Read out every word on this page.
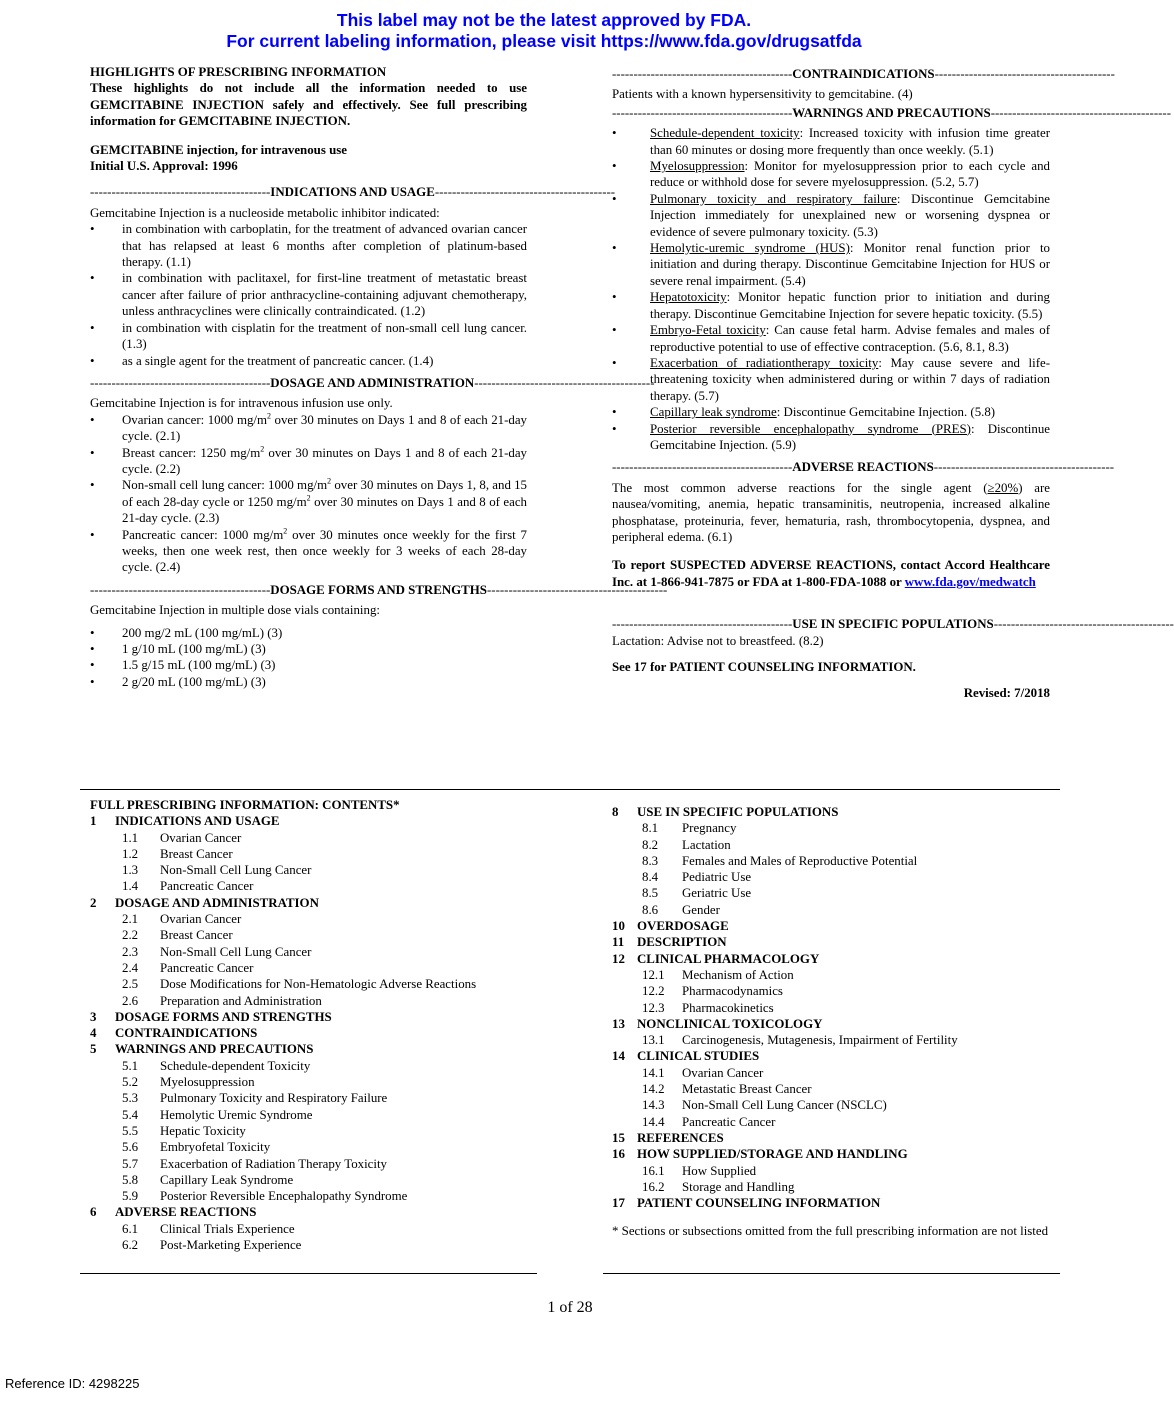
This label may not be the latest approved by FDA.
For current labeling information, please visit https://www.fda.gov/drugsatfda

HIGHLIGHTS OF PRESCRIBING INFORMATION

These highlights do not include all the information needed to use GEMCITABINE INJECTION safely and effectively. See full prescribing information for GEMCITABINE INJECTION.

GEMCITABINE injection, for intravenous use

Initial U.S. Approval: 1996

------------------------------------------INDICATIONS AND USAGE------------------------------------------

Gemcitabine Injection is a nucleoside metabolic inhibitor indicated:

• in combination with carboplatin, for the treatment of advanced ovarian cancer that has relapsed at least 6 months after completion of platinum-based therapy. (1.1)
• in combination with paclitaxel, for first-line treatment of metastatic breast cancer after failure of prior anthracycline-containing adjuvant chemotherapy, unless anthracyclines were clinically contraindicated. (1.2)
• in combination with cisplatin for the treatment of non-small cell lung cancer. (1.3)
• as a single agent for the treatment of pancreatic cancer. (1.4)
------------------------------------------DOSAGE AND ADMINISTRATION------------------------------------------

Gemcitabine Injection is for intravenous infusion use only.

• Ovarian cancer: 1000 $mg/m^2$ over 30 minutes on Days 1 and 8 of each 21-day cycle. (2.1)
• Breast cancer: 1250 $mg/m^2$ over 30 minutes on Days 1 and 8 of each 21-day cycle. (2.2)
• Non-small cell lung cancer: 1000 $mg/m^2$ over 30 minutes on Days 1, 8, and 15 of each 28-day cycle or 1250 $mg/m^2$ over 30 minutes on Days 1 and 8 of each 21-day cycle. (2.3)
• Pancreatic cancer: 1000 $mg/m^2$ over 30 minutes once weekly for the first 7 weeks, then one week rest, then once weekly for 3 weeks of each 28-day cycle. (2.4)
------------------------------------------DOSAGE FORMS AND STRENGTHS------------------------------------------

Gemcitabine Injection in multiple dose vials containing:

• 200 mg/2 mL (100 mg/mL) (3)
• 1 g/10 mL (100 mg/mL) (3)
• 1.5 g/15 mL (100 mg/mL) (3)
• 2 g/20 mL (100 mg/mL) (3)
------------------------------------------CONTRAINDICATIONS------------------------------------------

Patients with a known hypersensitivity to gemcitabine. (4)

------------------------------------------WARNINGS AND PRECAUTIONS------------------------------------------
• Schedule-dependent toxicity: Increased toxicity with infusion time greater than 60 minutes or dosing more frequently than once weekly. (5.1)
• Myelosuppression: Monitor for myelosuppression prior to each cycle and reduce or withhold dose for severe myelosuppression. (5.2, 5.7)
• Pulmonary toxicity and respiratory failure: Discontinue Gemcitabine Injection immediately for unexplained new or worsening dyspnea or evidence of severe pulmonary toxicity. (5.3)
• Hemolytic-uremic syndrome (HUS): Monitor renal function prior to initiation and during therapy. Discontinue Gemcitabine Injection for HUS or severe renal impairment. (5.4)
• Hepatotoxicity: Monitor hepatic function prior to initiation and during therapy. Discontinue Gemcitabine Injection for severe hepatic toxicity. (5.5)
• Embryo-Fetal toxicity: Can cause fetal harm. Advise females and males of reproductive potential to use of effective contraception. (5.6, 8.1, 8.3)
• Exacerbation of radiationtherapy toxicity: May cause severe and life-threatening toxicity when administered during or within 7 days of radiation therapy. (5.7)
• Capillary leak syndrome: Discontinue Gemcitabine Injection. (5.8)
• Posterior reversible encephalopathy syndrome (PRES): Discontinue Gemcitabine Injection. (5.9)
------------------------------------------ADVERSE REACTIONS------------------------------------------

The most common adverse reactions for the single agent (≥20%) are nausea/vomiting, anemia, hepatic transaminitis, neutropenia, increased alkaline phosphatase, proteinuria, fever, hematuria, rash, thrombocytopenia, dyspnea, and peripheral edema. (6.1)

To report SUSPECTED ADVERSE REACTIONS, contact Accord Healthcare Inc. at 1-866-941-7875 or FDA at 1-800-FDA-1088 or www.fda.gov/medwatch

------------------------------------------USE IN SPECIFIC POPULATIONS------------------------------------------

Lactation: Advise not to breastfeed. (8.2)

See 17 for PATIENT COUNSELING INFORMATION.

Revised: 7/2018

FULL PRESCRIBING INFORMATION: CONTENTS*

1	INDICATIONS AND USAGE
1.1	Ovarian Cancer
1.2	Breast Cancer
1.3	Non-Small Cell Lung Cancer
1.4	Pancreatic Cancer
2	DOSAGE AND ADMINISTRATION
2.1	Ovarian Cancer
2.2	Breast Cancer
2.3	Non-Small Cell Lung Cancer
2.4	Pancreatic Cancer
2.5	Dose Modifications for Non-Hematologic Adverse Reactions
2.6	Preparation and Administration
3	DOSAGE FORMS AND STRENGTHS
4	CONTRAINDICATIONS
5	WARNINGS AND PRECAUTIONS
5.1	Schedule-dependent Toxicity
5.2	Myelosuppression
5.3	Pulmonary Toxicity and Respiratory Failure
5.4	Hemolytic Uremic Syndrome
5.5	Hepatic Toxicity
5.6	Embryofetal Toxicity
5.7	Exacerbation of Radiation Therapy Toxicity
5.8	Capillary Leak Syndrome
5.9	Posterior Reversible Encephalopathy Syndrome
6	ADVERSE REACTIONS
6.1	Clinical Trials Experience
6.2	Post-Marketing Experience
8	USE IN SPECIFIC POPULATIONS
8.1	Pregnancy
8.2	Lactation
8.3	Females and Males of Reproductive Potential
8.4	Pediatric Use
8.5	Geriatric Use
8.6	Gender
10 OVERDOSAGE
11 DESCRIPTION
12 CLINICAL PHARMACOLOGY
12.1	Mechanism of Action
12.2	Pharmacodynamics
12.3	Pharmacokinetics
13 NONCLINICAL TOXICOLOGY
13.1	Carcinogenesis, Mutagenesis, Impairment of Fertility
14 CLINICAL STUDIES
14.1	Ovarian Cancer
14.2	Metastatic Breast Cancer
14.3	Non-Small Cell Lung Cancer (NSCLC)
14.4	Pancreatic Cancer
15 REFERENCES
16 HOW SUPPLIED/STORAGE AND HANDLING
16.1	How Supplied
16.2	Storage and Handling
17 PATIENT COUNSELING INFORMATION

* Sections or subsections omitted from the full prescribing information are not listed

1 of 28
Reference ID: 4298225
